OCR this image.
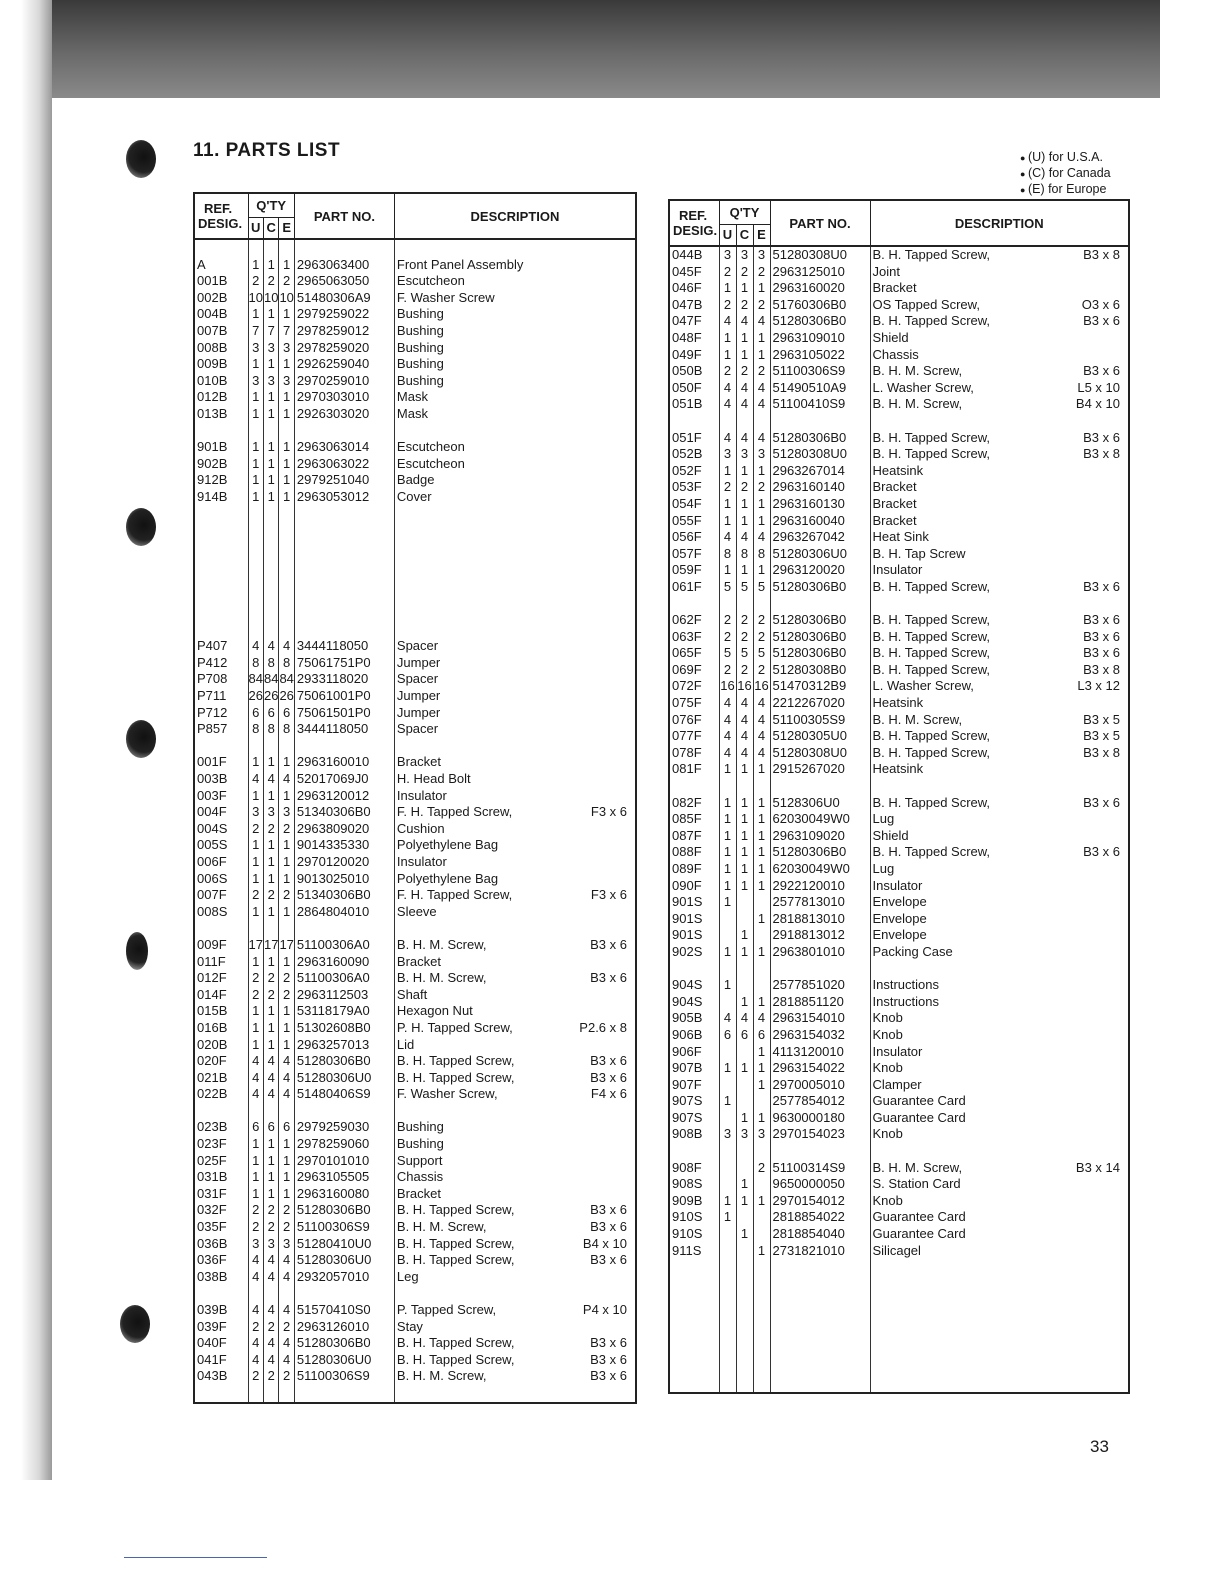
11. PARTS LIST	● (U) for U.S.A.
● (C) for Canada
● (E) for Europe
REF.
DESIG.	Q'TY			PART NO.	DESCRIPTION
	U	C	E		

A	1	1	1	2963063400	Front Panel Assembly

001B	2	2	2	2965063050	Escutcheon

002B	10	10	10	51480306A9	F. Washer Screw

004B	1	1	1	2979259022	Bushing

007B	7	7	7	2978259012	Bushing

008B	3	3	3	2978259020	Bushing

009B	1	1	1	2926259040	Bushing

010B	3	3	3	2970259010	Bushing

012B	1	1	1	2970303010	Mask

013B	1	1	1	2926303020	Mask

901B	1	1	1	2963063014	Escutcheon

902B	1	1	1	2963063022	Escutcheon

912B	1	1	1	2979251040	Badge

914B	1	1	1	2963053012	Cover

P407	4	4	4	3444118050	Spacer

P412	8	8	8	75061751P0	Jumper

P708	84	84	84	2933118020	Spacer

P711	26	26	26	75061001P0	Jumper

P712	6	6	6	75061501P0	Jumper

P857	8	8	8	3444118050	Spacer

001F	1	1	1	2963160010	Bracket

003B	4	4	4	52017069J0	H. Head Bolt

003F	1	1	1	2963120012	Insulator

004F	3	3	3	51340306B0	F. H. Tapped Screw, F3 x 6

004S	2	2	2	2963809020	Cushion

005S	1	1	1	9014335330	Polyethylene Bag

006F	1	1	1	2970120020	Insulator

006S	1	1	1	9013025010	Polyethylene Bag

007F	2	2	2	51340306B0	F. H. Tapped Screw, F3 x 6

008S	1	1	1	2864804010	Sleeve

009F	17	17	17	51100306A0	B. H. M. Screw, B3 x 6

011F	1	1	1	2963160090	Bracket

012F	2	2	2	51100306A0	B. H. M. Screw, B3 x 6

014F	2	2	2	2963112503	Shaft

015B	1	1	1	53118179A0	Hexagon Nut

016B	1	1	1	51302608B0	P. H. Tapped Screw, P2.6 x 8

020B	1	1	1	2963257013	Lid

020F	4	4	4	51280306B0	B. H. Tapped Screw, B3 x 6

021B	4	4	4	51280306U0	B. H. Tapped Screw, B3 x 6

022B	4	4	4	51480406S9	F. Washer Screw, F4 x 6

023B	6	6	6	2979259030	Bushing

023F	1	1	1	2978259060	Bushing

025F	1	1	1	2970101010	Support

031B	1	1	1	2963105505	Chassis

031F	1	1	1	2963160080	Bracket

032F	2	2	2	51280306B0	B. H. Tapped Screw, B3 x 6

035F	2	2	2	51100306S9	B. H. M. Screw, B3 x 6

036B	3	3	3	51280410U0	B. H. Tapped Screw, B4 x 10

036F	4	4	4	51280306U0	B. H. Tapped Screw, B3 x 6

038B	4	4	4	2932057010	Leg

039B	4	4	4	51570410S0	P. Tapped Screw, P4 x 10

039F	2	2	2	2963126010	Stay

040F	4	4	4	51280306B0	B. H. Tapped Screw, B3 x 6

041F	4	4	4	51280306U0	B. H. Tapped Screw, B3 x 6

043B	2	2	2	51100306S9	B. H. M. Screw, B3 x 6

REF.
DESIG.	Q'TY			PART NO.	DESCRIPTION
	U	C	E		
044B	3	3	3	51280308U0	B. H. Tapped Screw, B3 x 8

045F	2	2	2	2963125010	Joint

046F	1	1	1	2963160020	Bracket

047B	2	2	2	51760306B0	OS Tapped Screw, O3 x 6

047F	4	4	4	51280306B0	B. H. Tapped Screw, B3 x 6

048F	1	1	1	2963109010	Shield

049F	1	1	1	2963105022	Chassis

050B	2	2	2	51100306S9	B. H. M. Screw, B3 x 6

050F	4	4	4	51490510A9	L. Washer Screw, L5 x 10

051B	4	4	4	51100410S9	B. H. M. Screw, B4 x 10

051F	4	4	4	51280306B0	B. H. Tapped Screw, B3 x 6

052B	3	3	3	51280308U0	B. H. Tapped Screw, B3 x 8

052F	1	1	1	2963267014	Heatsink

053F	2	2	2	2963160140	Bracket

054F	1	1	1	2963160130	Bracket

055F	1	1	1	2963160040	Bracket

056F	4	4	4	2963267042	Heat Sink

057F	8	8	8	51280306U0	B. H. Tap Screw

059F	1	1	1	2963120020	Insulator

061F	5	5	5	51280306B0	B. H. Tapped Screw, B3 x 6

062F	2	2	2	51280306B0	B. H. Tapped Screw, B3 x 6

063F	2	2	2	51280306B0	B. H. Tapped Screw, B3 x 6

065F	5	5	5	51280306B0	B. H. Tapped Screw, B3 x 6

069F	2	2	2	51280308B0	B. H. Tapped Screw, B3 x 8

072F	16	16	16	51470312B9	L. Washer Screw, L3 x 12

075F	4	4	4	2212267020	Heatsink

076F	4	4	4	51100305S9	B. H. M. Screw, B3 x 5

077F	4	4	4	51280305U0	B. H. Tapped Screw, B3 x 5

078F	4	4	4	51280308U0	B. H. Tapped Screw, B3 x 8

081F	1	1	1	2915267020	Heatsink

082F	1	1	1	5128306U0	B. H. Tapped Screw, B3 x 6

085F	1	1	1	62030049W0	Lug

087F	1	1	1	2963109020	Shield

088F	1	1	1	51280306B0	B. H. Tapped Screw, B3 x 6

089F	1	1	1	62030049W0	Lug

090F	1	1	1	2922120010	Insulator

901S	1			2577813010	Envelope

901S			1	2818813010	Envelope

901S		1		2918813012	Envelope

902S	1	1	1	2963801010	Packing Case

904S	1			2577851020	Instructions

904S		1	1	2818851120	Instructions

905B	4	4	4	2963154010	Knob

906B	6	6	6	2963154032	Knob

906F			1	4113120010	Insulator

907B	1	1	1	2963154022	Knob

907F			1	2970005010	Clamper

907S	1			2577854012	Guarantee Card

907S		1	1	9630000180	Guarantee Card

908B	3	3	3	2970154023	Knob

908F			2	51100314S9	B. H. M. Screw, B3 x 14

908S		1		9650000050	S. Station Card

909B	1	1	1	2970154012	Knob

910S	1			2818854022	Guarantee Card

910S		1		2818854040	Guarantee Card

911S			1	2731821010	Silicagel

33
